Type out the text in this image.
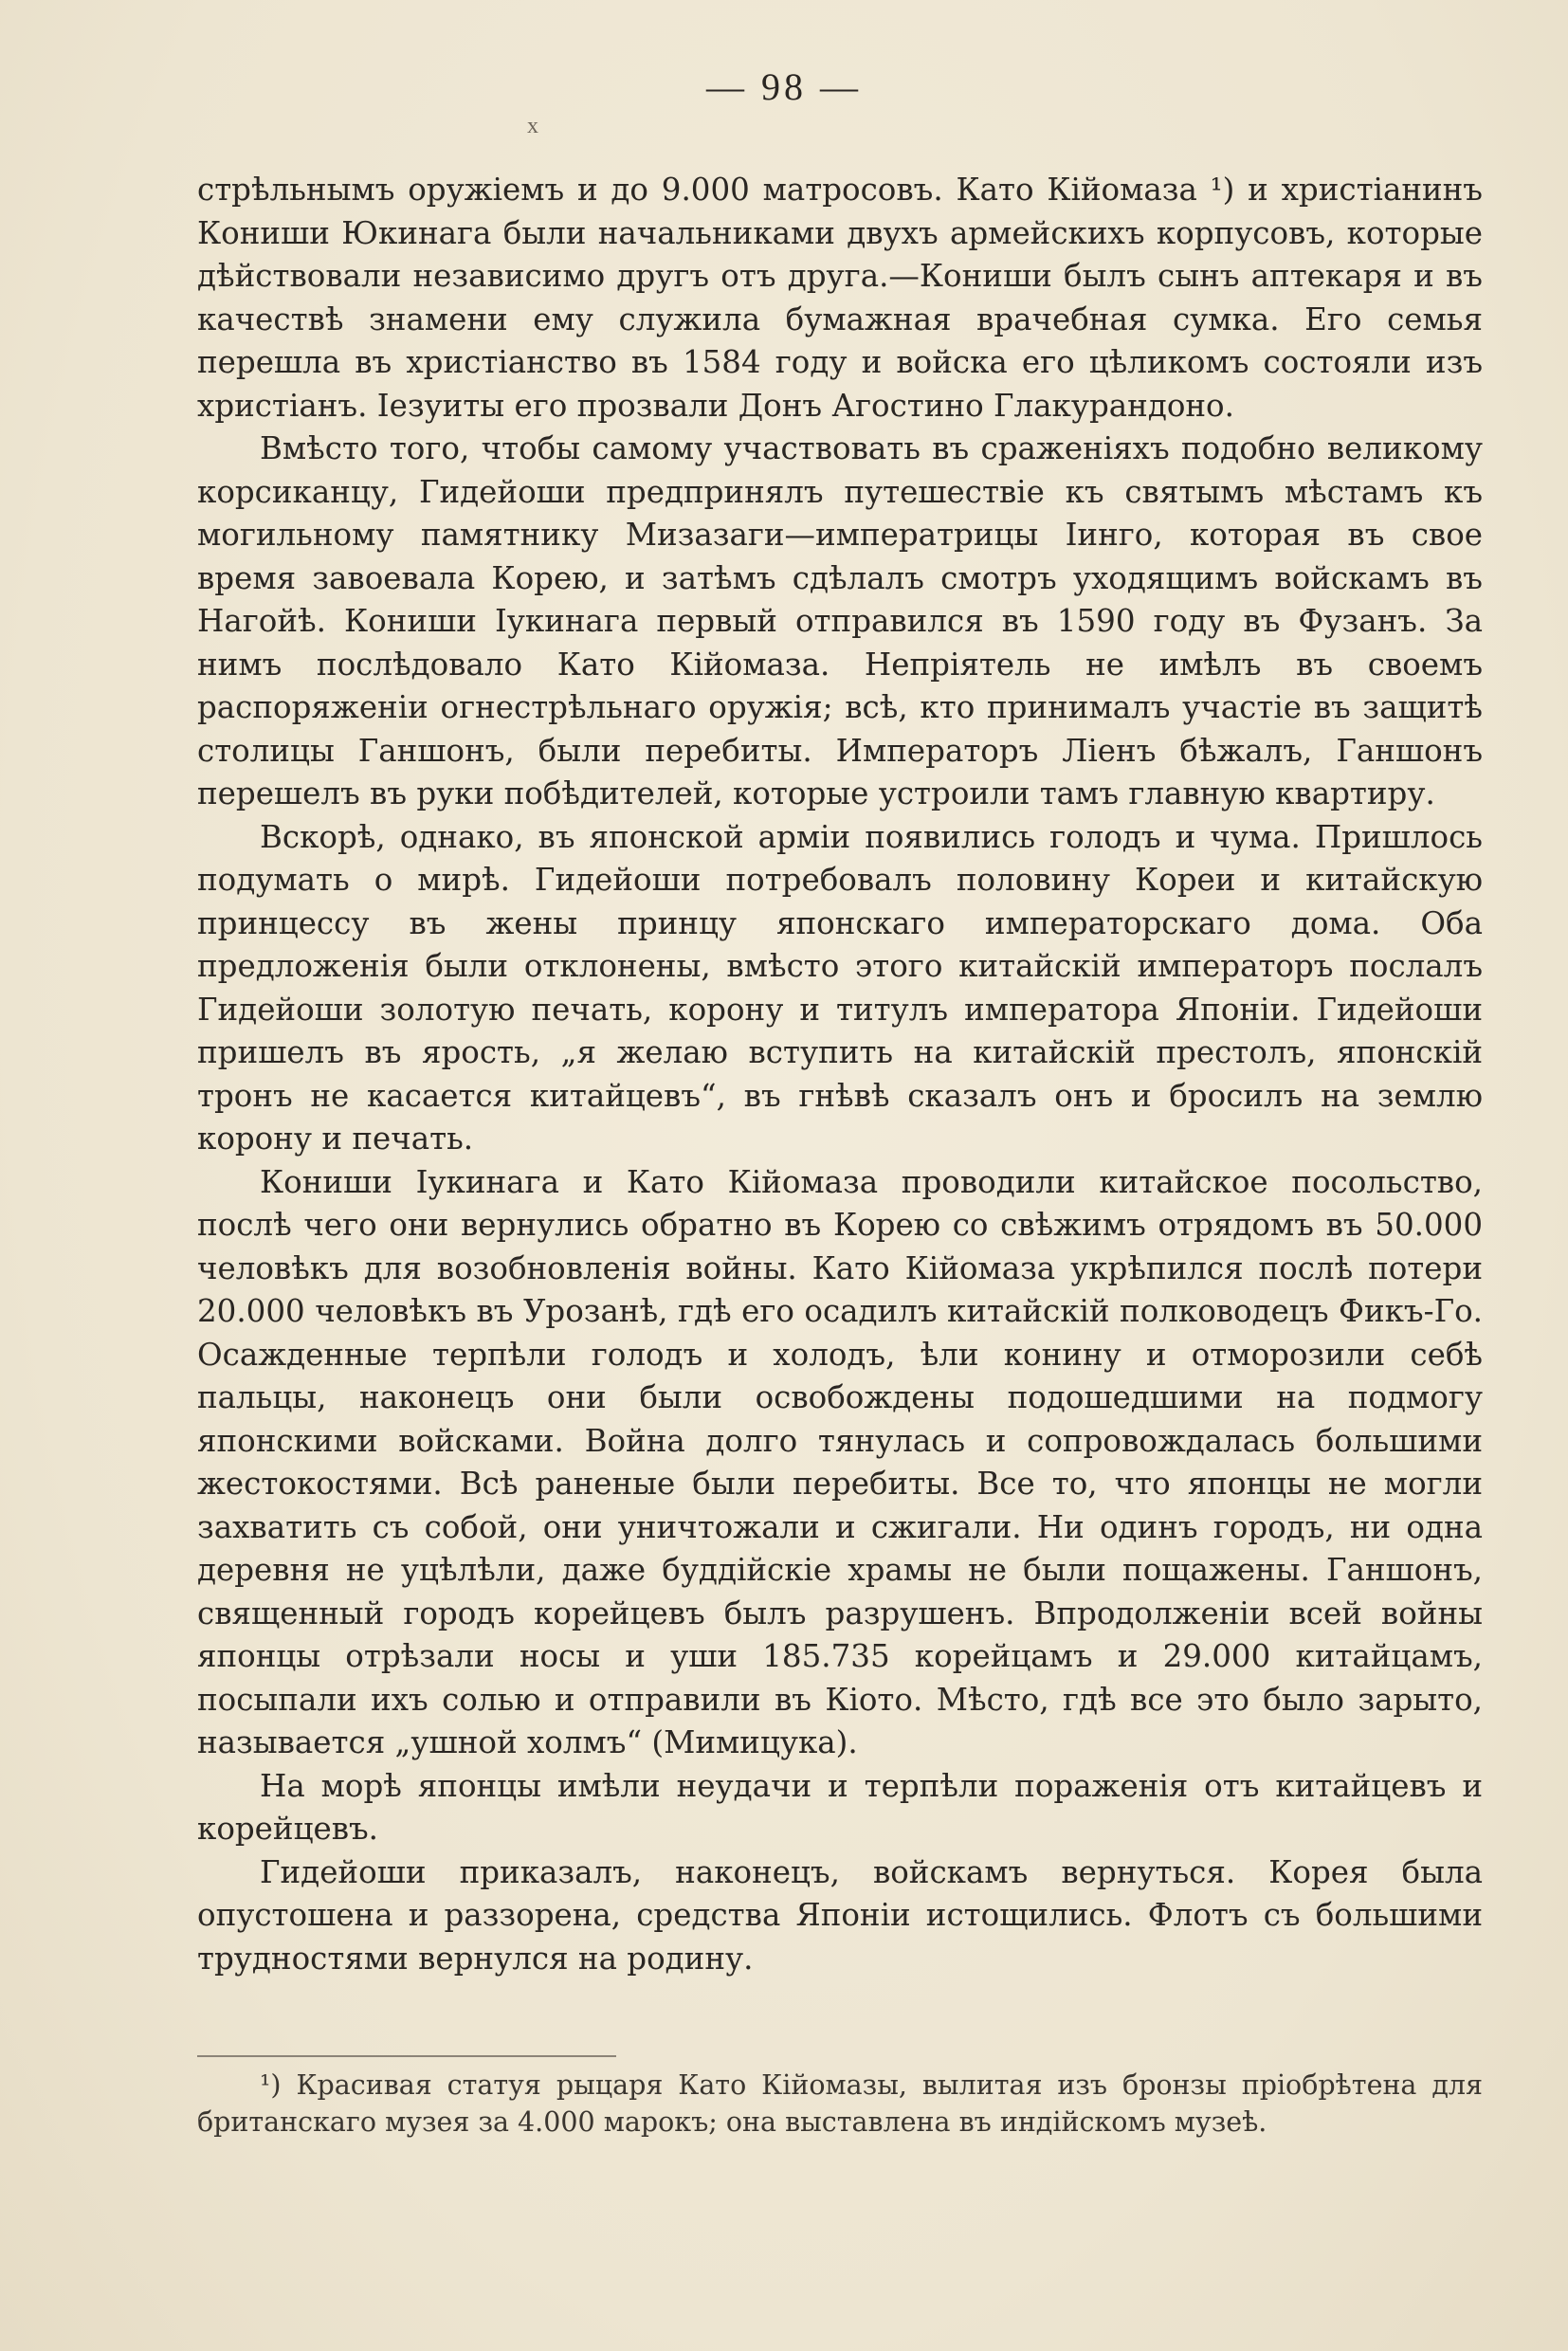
— 98 —
x

стрѣльнымъ оружіемъ и до 9.000 матросовъ. Като Кійомаза ¹) и христіанинъ Кониши Юкинага были начальниками двухъ армейскихъ корпусовъ, которые дѣйствовали независимо другъ отъ друга.—Кониши былъ сынъ аптекаря и въ качествѣ знамени ему служила бумажная врачебная сумка. Его семья перешла въ христіанство въ 1584 году и войска его цѣликомъ состояли изъ христіанъ. Іезуиты его прозвали Донъ Агостино Глакурандоно.

Вмѣсто того, чтобы самому участвовать въ сраженіяхъ подобно великому корсиканцу, Гидейоши предпринялъ путешествіе къ святымъ мѣстамъ къ могильному памятнику Мизазаги—императрицы Іинго, которая въ свое время завоевала Корею, и затѣмъ сдѣлалъ смотръ уходящимъ войскамъ въ Нагойѣ. Кониши Іукинага первый отправился въ 1590 году въ Фузанъ. За нимъ послѣдовало Като Кійомаза. Непріятель не имѣлъ въ своемъ распоряженіи огнестрѣльнаго оружія; всѣ, кто принималъ участіе въ защитѣ столицы Ганшонъ, были перебиты. Императоръ Ліенъ бѣжалъ, Ганшонъ перешелъ въ руки побѣдителей, которые устроили тамъ главную квартиру.

Вскорѣ, однако, въ японской арміи появились голодъ и чума. Пришлось подумать о мирѣ. Гидейоши потребовалъ половину Кореи и китайскую принцессу въ жены принцу японскаго императорскаго дома. Оба предложенія были отклонены, вмѣсто этого китайскій императоръ послалъ Гидейоши золотую печать, корону и титулъ императора Японіи. Гидейоши пришелъ въ ярость, „я желаю вступить на китайскій престолъ, японскій тронъ не касается китайцевъ“, въ гнѣвѣ сказалъ онъ и бросилъ на землю корону и печать.

Кониши Іукинага и Като Кійомаза проводили китайское посольство, послѣ чего они вернулись обратно въ Корею со свѣжимъ отрядомъ въ 50.000 человѣкъ для возобновленія войны. Като Кійомаза укрѣпился послѣ потери 20.000 человѣкъ въ Урозанѣ, гдѣ его осадилъ китайскій полководецъ Фикъ-Го. Осажденные терпѣли голодъ и холодъ, ѣли конину и отморозили себѣ пальцы, наконецъ они были освобождены подошедшими на подмогу японскими войсками. Война долго тянулась и сопровождалась большими жестокостями. Всѣ раненые были перебиты. Все то, что японцы не могли захватить съ собой, они уничтожали и сжигали. Ни одинъ городъ, ни одна деревня не уцѣлѣли, даже буддійскіе храмы не были пощажены. Ганшонъ, священный городъ корейцевъ былъ разрушенъ. Впродолженіи всей войны японцы отрѣзали носы и уши 185.735 корейцамъ и 29.000 китайцамъ, посыпали ихъ солью и отправили въ Кіото. Мѣсто, гдѣ все это было зарыто, называется „ушной холмъ“ (Мимицука).

На морѣ японцы имѣли неудачи и терпѣли пораженія отъ китайцевъ и корейцевъ.

Гидейоши приказалъ, наконецъ, войскамъ вернуться. Корея была опустошена и раззорена, средства Японіи истощились. Флотъ съ большими трудностями вернулся на родину.

¹) Красивая статуя рыцаря Като Кійомазы, вылитая изъ бронзы пріобрѣтена для британскаго музея за 4.000 марокъ; она выставлена въ индійскомъ музеѣ.
